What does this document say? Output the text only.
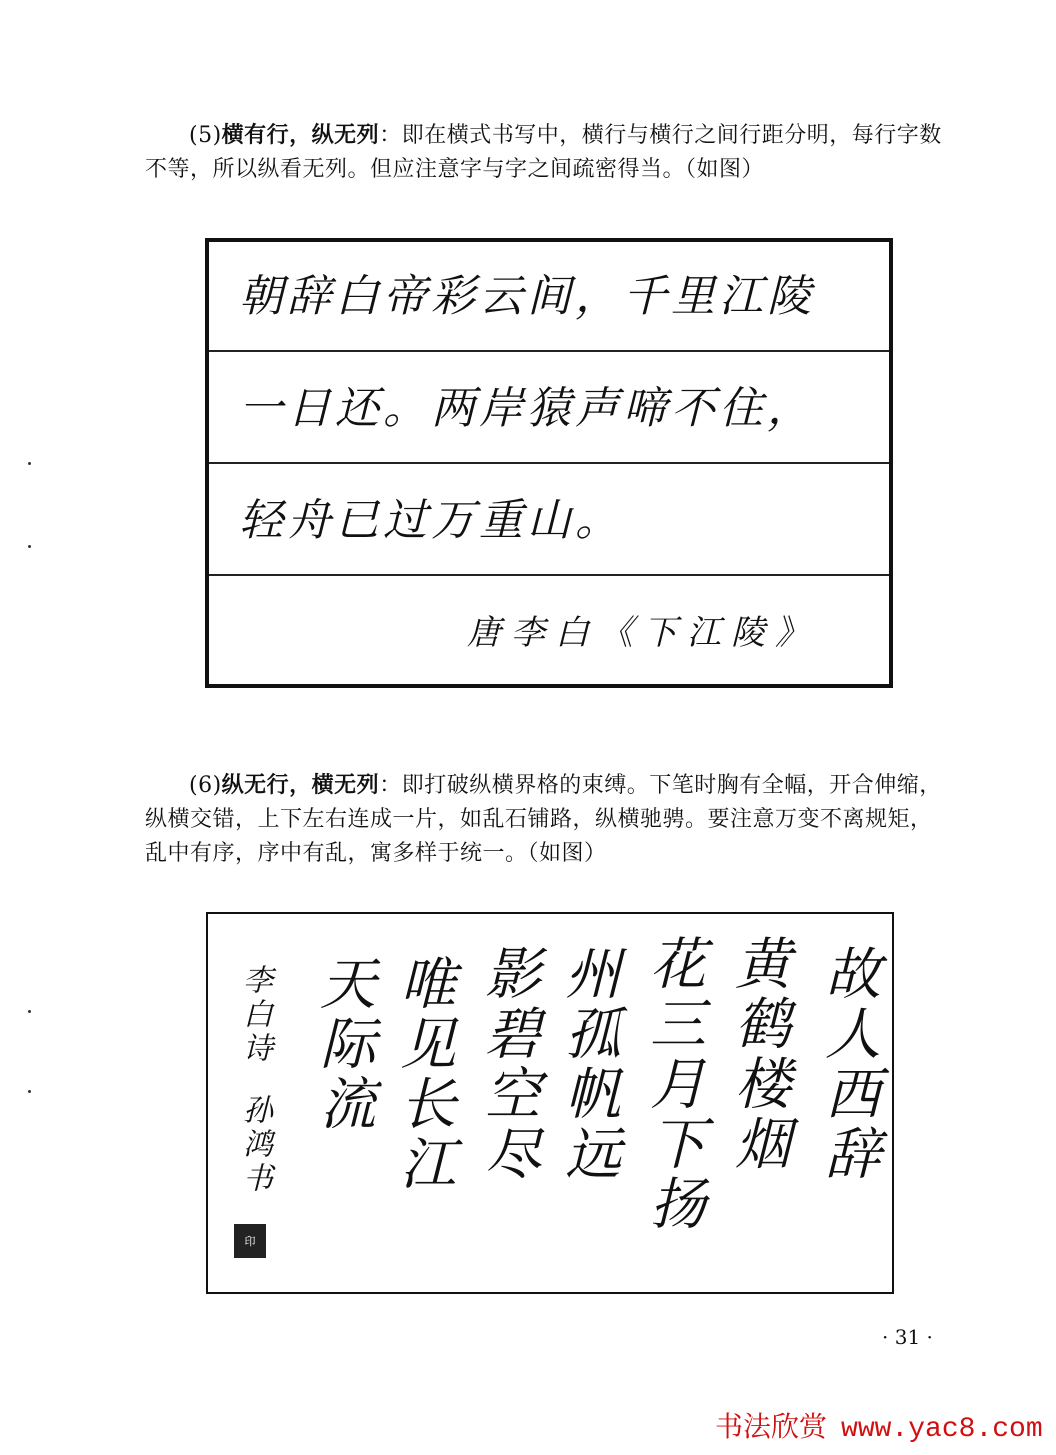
(5)横有行，纵无列：即在横式书写中，横行与横行之间行距分明，每行字数不等，所以纵看无列。但应注意字与字之间疏密得当。（如图）
朝辞白帝彩云间，千里江陵
一日还。两岸猿声啼不住，
轻舟已过万重山。
唐李白《下江陵》
(6)纵无行，横无列：即打破纵横界格的束缚。下笔时胸有全幅，开合伸缩，纵横交错，上下左右连成一片，如乱石铺路，纵横驰骋。要注意万变不离规矩，乱中有序，序中有乱，寓多样于统一。（如图）
故人西辞
黄鹤楼烟
花三月下扬
州孤帆远
影碧空尽
唯见长江
天际流
李白诗
孙鸿书
印
· 31 ·
书法欣赏 www.yac8.com
